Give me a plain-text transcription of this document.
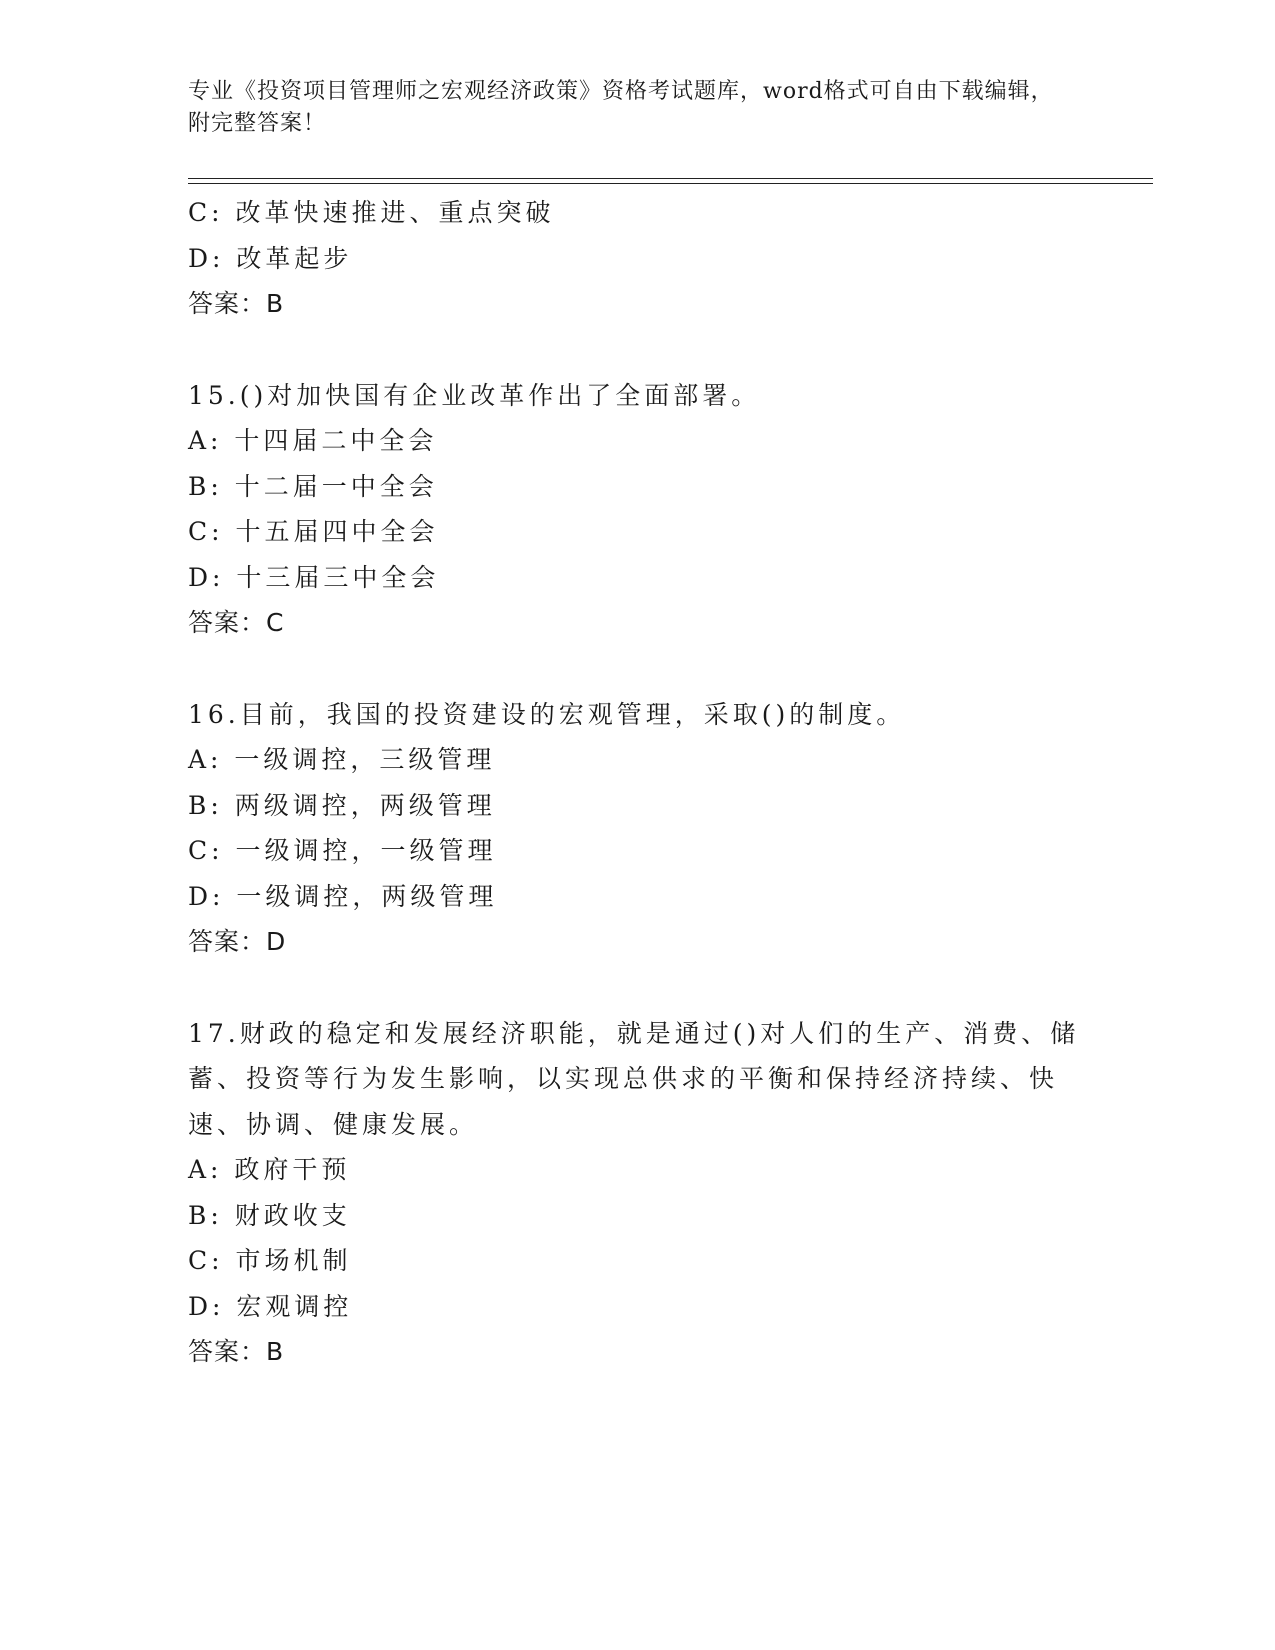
专业《投资项目管理师之宏观经济政策》资格考试题库，word格式可自由下载编辑，附完整答案！
C: 改革快速推进、重点突破
D: 改革起步
答案：B
15.()对加快国有企业改革作出了全面部署。
A: 十四届二中全会
B: 十二届一中全会
C: 十五届四中全会
D: 十三届三中全会
答案：C
16.目前，我国的投资建设的宏观管理，采取()的制度。
A: 一级调控，三级管理
B: 两级调控，两级管理
C: 一级调控，一级管理
D: 一级调控，两级管理
答案：D
17.财政的稳定和发展经济职能，就是通过()对人们的生产、消费、储蓄、投资等行为发生影响，以实现总供求的平衡和保持经济持续、快速、协调、健康发展。
A: 政府干预
B: 财政收支
C: 市场机制
D: 宏观调控
答案：B
